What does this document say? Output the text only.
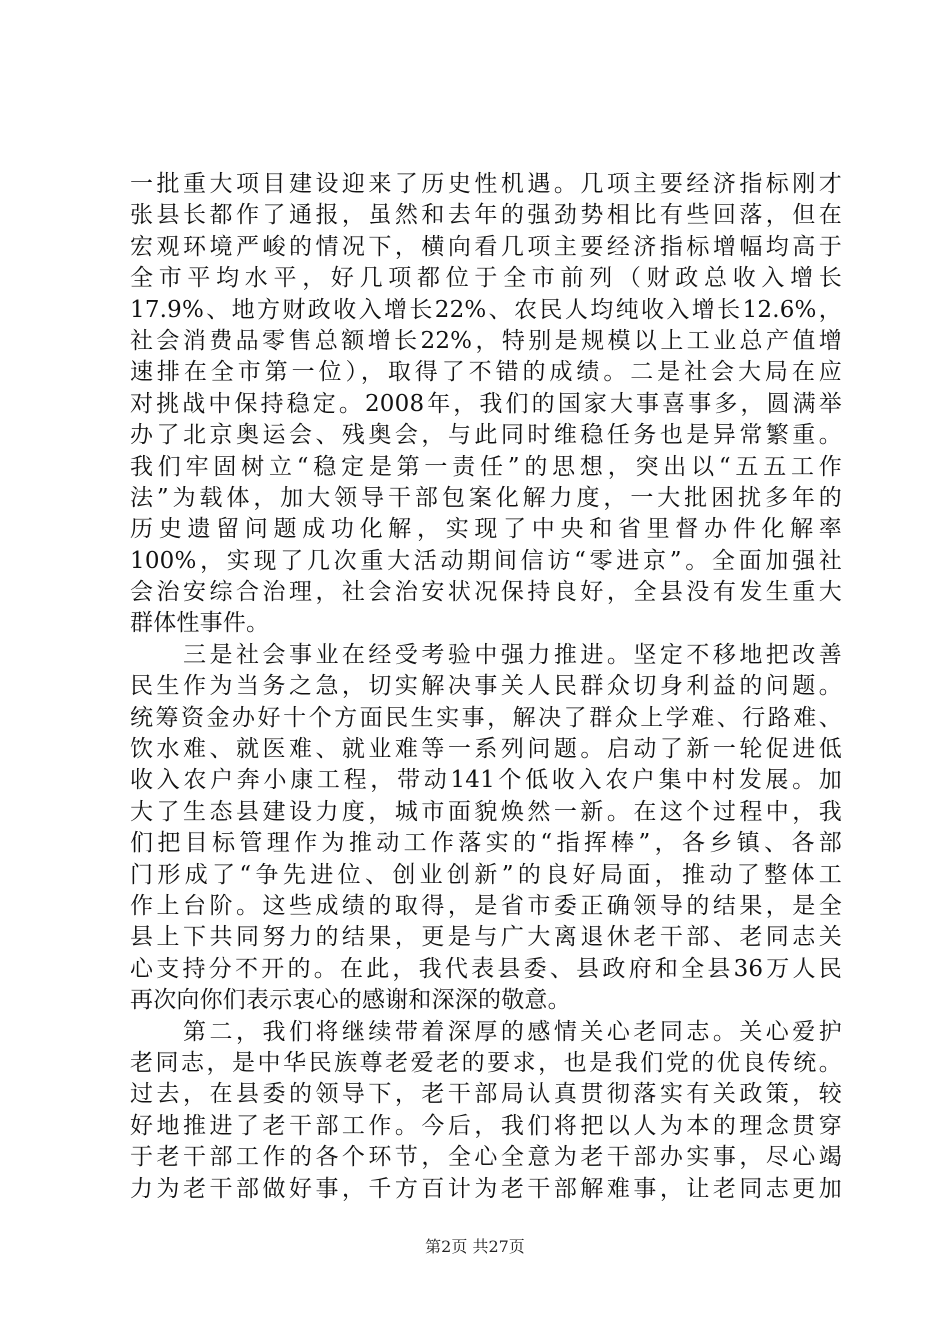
一批重大项目建设迎来了历史性机遇。几项主要经济指标刚才
张县长都作了通报，虽然和去年的强劲势相比有些回落，但在
宏观环境严峻的情况下，横向看几项主要经济指标增幅均高于
全市平均水平，好几项都位于全市前列（财政总收入增长
17.9%、地方财政收入增长22%、农民人均纯收入增长12.6%，
社会消费品零售总额增长22%，特别是规模以上工业总产值增
速排在全市第一位），取得了不错的成绩。二是社会大局在应
对挑战中保持稳定。2008年，我们的国家大事喜事多，圆满举
办了北京奥运会、残奥会，与此同时维稳任务也是异常繁重。
我们牢固树立“稳定是第一责任”的思想，突出以“五五工作
法”为载体，加大领导干部包案化解力度，一大批困扰多年的
历史遗留问题成功化解，实现了中央和省里督办件化解率
100%，实现了几次重大活动期间信访“零进京”。全面加强社
会治安综合治理，社会治安状况保持良好，全县没有发生重大
群体性事件。
　　三是社会事业在经受考验中强力推进。坚定不移地把改善
民生作为当务之急，切实解决事关人民群众切身利益的问题。
统筹资金办好十个方面民生实事，解决了群众上学难、行路难、
饮水难、就医难、就业难等一系列问题。启动了新一轮促进低
收入农户奔小康工程，带动141个低收入农户集中村发展。加
大了生态县建设力度，城市面貌焕然一新。在这个过程中，我
们把目标管理作为推动工作落实的“指挥棒”，各乡镇、各部
门形成了“争先进位、创业创新”的良好局面，推动了整体工
作上台阶。这些成绩的取得，是省市委正确领导的结果，是全
县上下共同努力的结果，更是与广大离退休老干部、老同志关
心支持分不开的。在此，我代表县委、县政府和全县36万人民
再次向你们表示衷心的感谢和深深的敬意。
　　第二，我们将继续带着深厚的感情关心老同志。关心爱护
老同志，是中华民族尊老爱老的要求，也是我们党的优良传统。
过去，在县委的领导下，老干部局认真贯彻落实有关政策，较
好地推进了老干部工作。今后，我们将把以人为本的理念贯穿
于老干部工作的各个环节，全心全意为老干部办实事，尽心竭
力为老干部做好事，千方百计为老干部解难事，让老同志更加
第2页 共27页
